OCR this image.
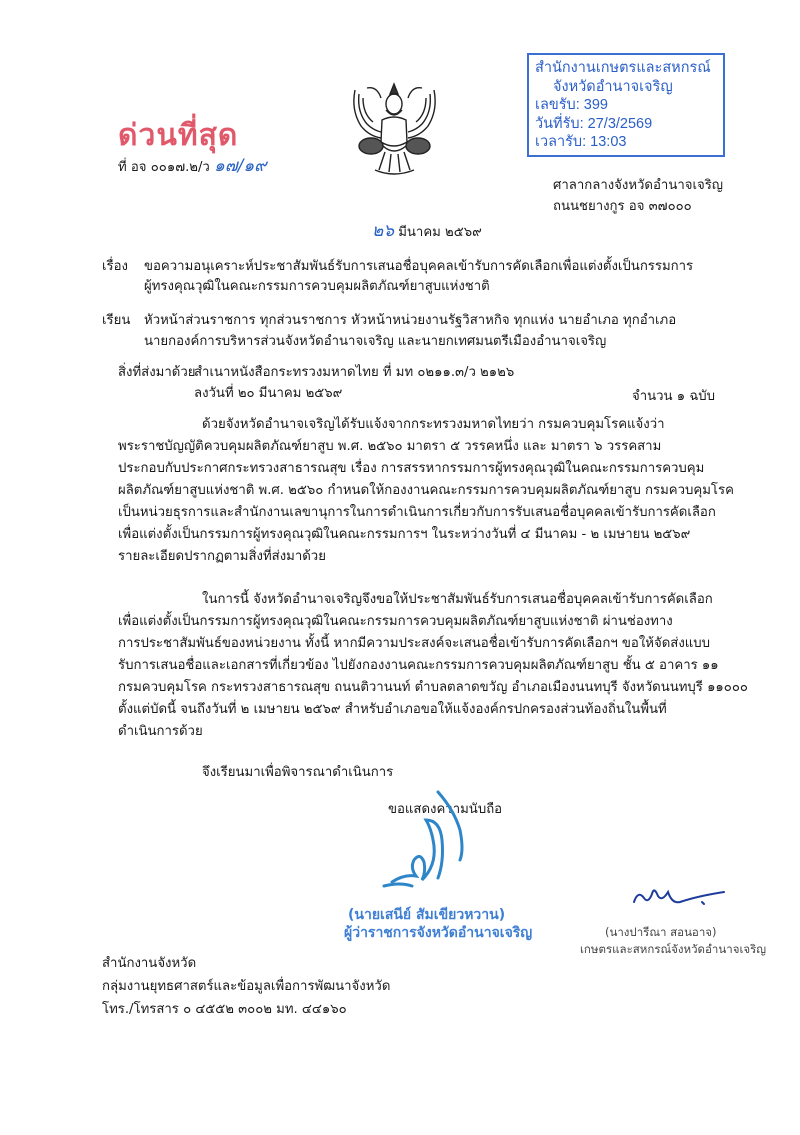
สำนักงานเกษตรและสหกรณ์
จังหวัดอำนาจเจริญ
เลขรับ: 399
วันที่รับ: 27/3/2569
เวลารับ: 13:03
ด่วนที่สุด
ที่ อจ ๐๐๑๗.๒/ว ๑๗/๑๙
ศาลากลางจังหวัดอำนาจเจริญ
ถนนชยางกูร อจ ๓๗๐๐๐
๒๖ มีนาคม ๒๕๖๙
เรื่อง ขอความอนุเคราะห์ประชาสัมพันธ์รับการเสนอชื่อบุคคลเข้ารับการคัดเลือกเพื่อแต่งตั้งเป็นกรรมการ
ผู้ทรงคุณวุฒิในคณะกรรมการควบคุมผลิตภัณฑ์ยาสูบแห่งชาติ
เรียน หัวหน้าส่วนราชการ ทุกส่วนราชการ หัวหน้าหน่วยงานรัฐวิสาหกิจ ทุกแห่ง นายอำเภอ ทุกอำเภอ
นายกองค์การบริหารส่วนจังหวัดอำนาจเจริญ และนายกเทศมนตรีเมืองอำนาจเจริญ
สิ่งที่ส่งมาด้วย
สำเนาหนังสือกระทรวงมหาดไทย ที่ มท ๐๒๑๑.๓/ว ๒๑๒๖
ลงวันที่ ๒๐ มีนาคม ๒๕๖๙	จำนวน ๑ ฉบับ
ด้วยจังหวัดอำนาจเจริญได้รับแจ้งจากกระทรวงมหาดไทยว่า กรมควบคุมโรคแจ้งว่า
พระราชบัญญัติควบคุมผลิตภัณฑ์ยาสูบ พ.ศ. ๒๕๖๐ มาตรา ๕ วรรคหนึ่ง และ มาตรา ๖ วรรคสาม
ประกอบกับประกาศกระทรวงสาธารณสุข เรื่อง การสรรหากรรมการผู้ทรงคุณวุฒิในคณะกรรมการควบคุม
ผลิตภัณฑ์ยาสูบแห่งชาติ พ.ศ. ๒๕๖๐ กำหนดให้กองงานคณะกรรมการควบคุมผลิตภัณฑ์ยาสูบ กรมควบคุมโรค
เป็นหน่วยธุรการและสำนักงานเลขานุการในการดำเนินการเกี่ยวกับการรับเสนอชื่อบุคคลเข้ารับการคัดเลือก
เพื่อแต่งตั้งเป็นกรรมการผู้ทรงคุณวุฒิในคณะกรรมการฯ ในระหว่างวันที่ ๔ มีนาคม - ๒ เมษายน ๒๕๖๙
รายละเอียดปรากฏตามสิ่งที่ส่งมาด้วย
ในการนี้ จังหวัดอำนาจเจริญจึงขอให้ประชาสัมพันธ์รับการเสนอชื่อบุคคลเข้ารับการคัดเลือก
เพื่อแต่งตั้งเป็นกรรมการผู้ทรงคุณวุฒิในคณะกรรมการควบคุมผลิตภัณฑ์ยาสูบแห่งชาติ ผ่านช่องทาง
การประชาสัมพันธ์ของหน่วยงาน ทั้งนี้ หากมีความประสงค์จะเสนอชื่อเข้ารับการคัดเลือกฯ ขอให้จัดส่งแบบ
รับการเสนอชื่อและเอกสารที่เกี่ยวข้อง ไปยังกองงานคณะกรรมการควบคุมผลิตภัณฑ์ยาสูบ ชั้น ๕ อาคาร ๑๑
กรมควบคุมโรค กระทรวงสาธารณสุข ถนนติวานนท์ ตำบลตลาดขวัญ อำเภอเมืองนนทบุรี จังหวัดนนทบุรี ๑๑๐๐๐
ตั้งแต่บัดนี้ จนถึงวันที่ ๒ เมษายน ๒๕๖๙ สำหรับอำเภอขอให้แจ้งองค์กรปกครองส่วนท้องถิ่นในพื้นที่
ดำเนินการด้วย
จึงเรียนมาเพื่อพิจารณาดำเนินการ
ขอแสดงความนับถือ
(นายเสนีย์ สัมเขียวหวาน)
ผู้ว่าราชการจังหวัดอำนาจเจริญ	(นางปารีณา สอนอาจ)
เกษตรและสหกรณ์จังหวัดอำนาจเจริญ
สำนักงานจังหวัด
กลุ่มงานยุทธศาสตร์และข้อมูลเพื่อการพัฒนาจังหวัด
โทร./โทรสาร ๐ ๔๕๕๒ ๓๐๐๒ มท. ๔๔๑๖๐
